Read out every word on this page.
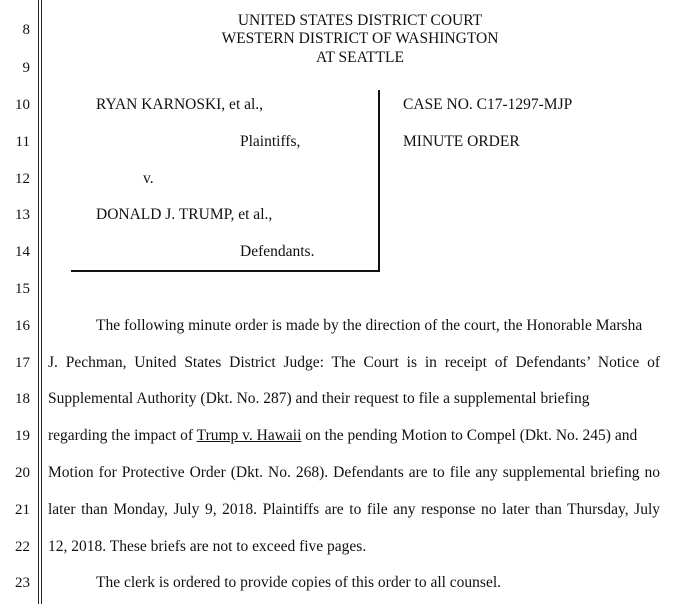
8
9
10
11
12
13
14
15
16
17
18
19
20
21
22
23
UNITED STATES DISTRICT COURT
WESTERN DISTRICT OF WASHINGTON
AT SEATTLE
RYAN KARNOSKI, et al.,
Plaintiffs,
v.
DONALD J. TRUMP, et al.,
Defendants.
CASE NO. C17-1297-MJP
MINUTE ORDER
The following minute order is made by the direction of the court, the Honorable Marsha
J. Pechman, United States District Judge: The Court is in receipt of Defendants’ Notice of
Supplemental Authority (Dkt. No. 287) and their request to file a supplemental briefing
regarding the impact of Trump v. Hawaii on the pending Motion to Compel (Dkt. No. 245) and
Motion for Protective Order (Dkt. No. 268). Defendants are to file any supplemental briefing no
later than Monday, July 9, 2018. Plaintiffs are to file any response no later than Thursday, July
12, 2018. These briefs are not to exceed five pages.
The clerk is ordered to provide copies of this order to all counsel.
